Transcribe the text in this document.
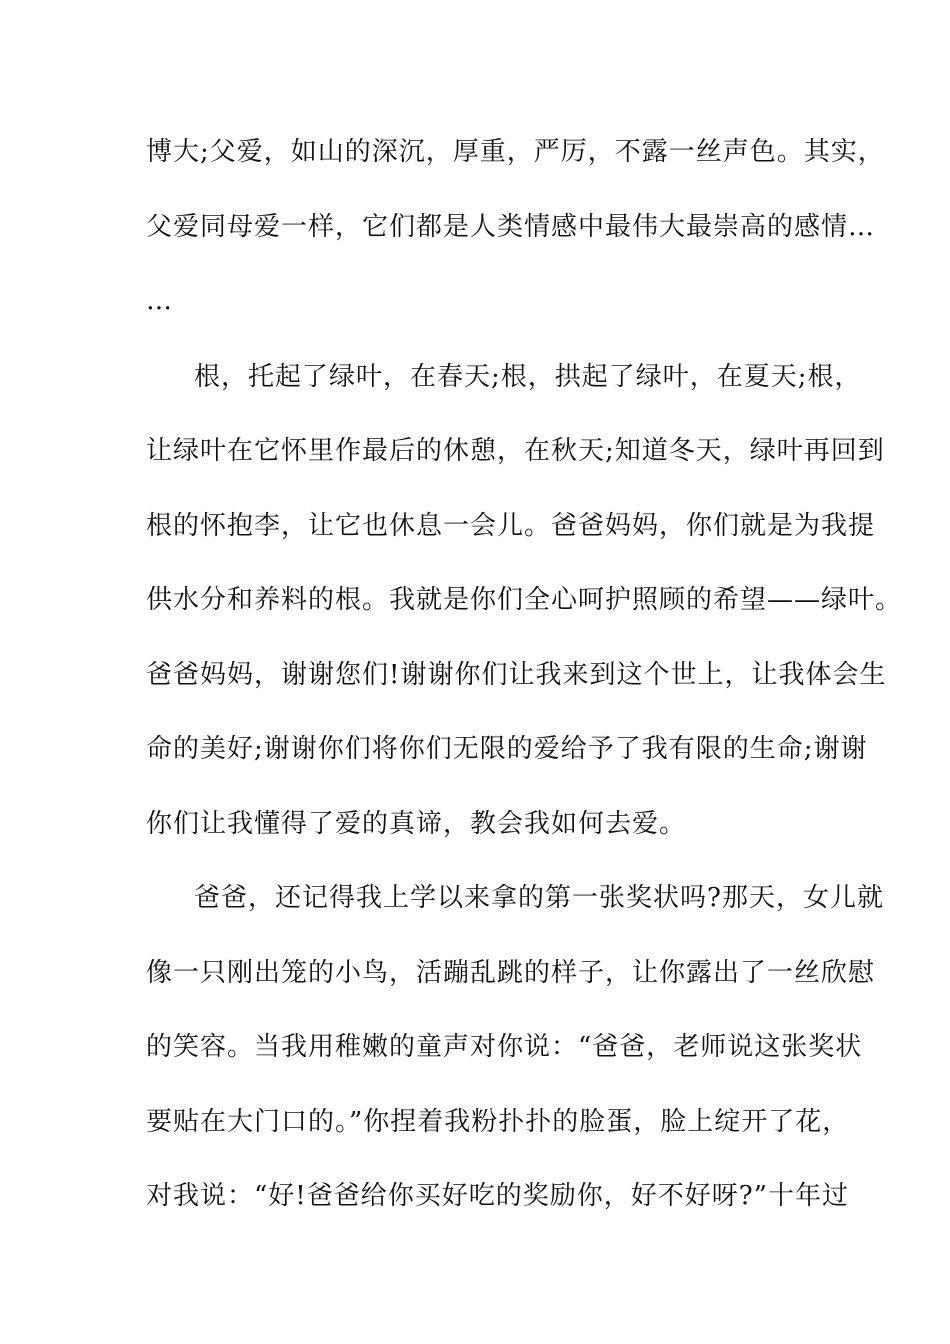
博大;父爱，如山的深沉，厚重，严厉，不露一丝声色。其实，
父爱同母爱一样，它们都是人类情感中最伟大最崇高的感情…
…
根，托起了绿叶，在春天;根，拱起了绿叶，在夏天;根，
让绿叶在它怀里作最后的休憩，在秋天;知道冬天，绿叶再回到
根的怀抱李，让它也休息一会儿。爸爸妈妈，你们就是为我提
供水分和养料的根。我就是你们全心呵护照顾的希望——绿叶。
爸爸妈妈，谢谢您们!谢谢你们让我来到这个世上，让我体会生
命的美好;谢谢你们将你们无限的爱给予了我有限的生命;谢谢
你们让我懂得了爱的真谛，教会我如何去爱。
爸爸，还记得我上学以来拿的第一张奖状吗?那天，女儿就
像一只刚出笼的小鸟，活蹦乱跳的样子，让你露出了一丝欣慰
的笑容。当我用稚嫩的童声对你说：“爸爸，老师说这张奖状
要贴在大门口的。”你捏着我粉扑扑的脸蛋，脸上绽开了花，
对我说：“好!爸爸给你买好吃的奖励你，好不好呀?”十年过
